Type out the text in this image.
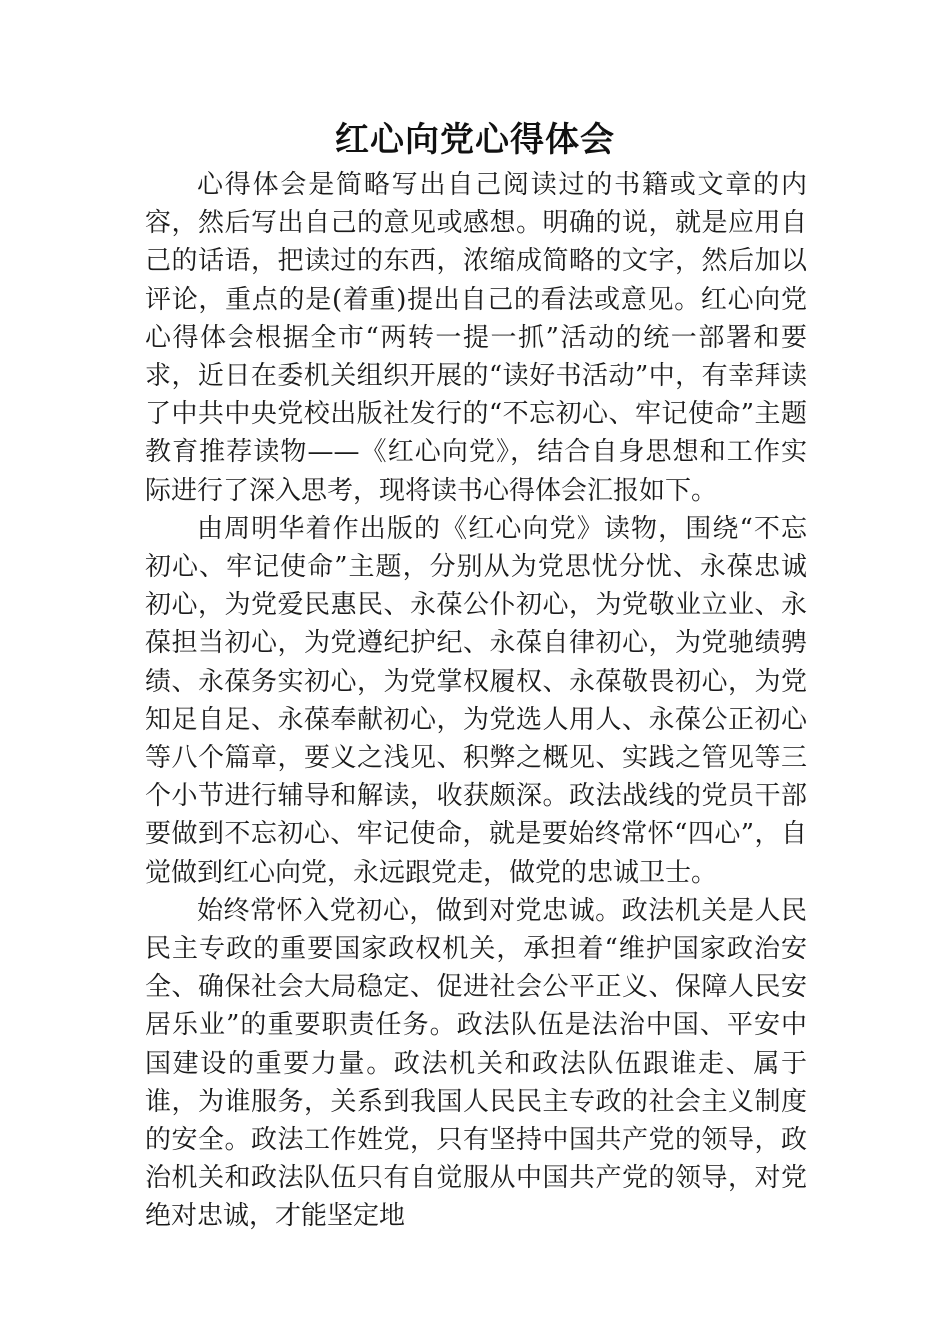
红心向党心得体会

心得体会是简略写出自己阅读过的书籍或文章的内容，然后写出自己的意见或感想。明确的说，就是应用自己的话语，把读过的东西，浓缩成简略的文字，然后加以评论，重点的是(着重)提出自己的看法或意见。红心向党心得体会根据全市“两转一提一抓”活动的统一部署和要求，近日在委机关组织开展的“读好书活动”中，有幸拜读了中共中央党校出版社发行的“不忘初心、牢记使命”主题教育推荐读物——《红心向党》，结合自身思想和工作实际进行了深入思考，现将读书心得体会汇报如下。

由周明华着作出版的《红心向党》读物，围绕“不忘初心、牢记使命”主题，分别从为党思忧分忧、永葆忠诚初心，为党爱民惠民、永葆公仆初心，为党敬业立业、永葆担当初心，为党遵纪护纪、永葆自律初心，为党驰绩骋绩、永葆务实初心，为党掌权履权、永葆敬畏初心，为党知足自足、永葆奉献初心，为党选人用人、永葆公正初心等八个篇章，要义之浅见、积弊之概见、实践之管见等三个小节进行辅导和解读，收获颇深。政法战线的党员干部要做到不忘初心、牢记使命，就是要始终常怀“四心”，自觉做到红心向党，永远跟党走，做党的忠诚卫士。

始终常怀入党初心，做到对党忠诚。政法机关是人民民主专政的重要国家政权机关，承担着“维护国家政治安全、确保社会大局稳定、促进社会公平正义、保障人民安居乐业”的重要职责任务。政法队伍是法治中国、平安中国建设的重要力量。政法机关和政法队伍跟谁走、属于谁，为谁服务，关系到我国人民民主专政的社会主义制度的安全。政法工作姓党，只有坚持中国共产党的领导，政治机关和政法队伍只有自觉服从中国共产党的领导，对党绝对忠诚，才能坚定地
